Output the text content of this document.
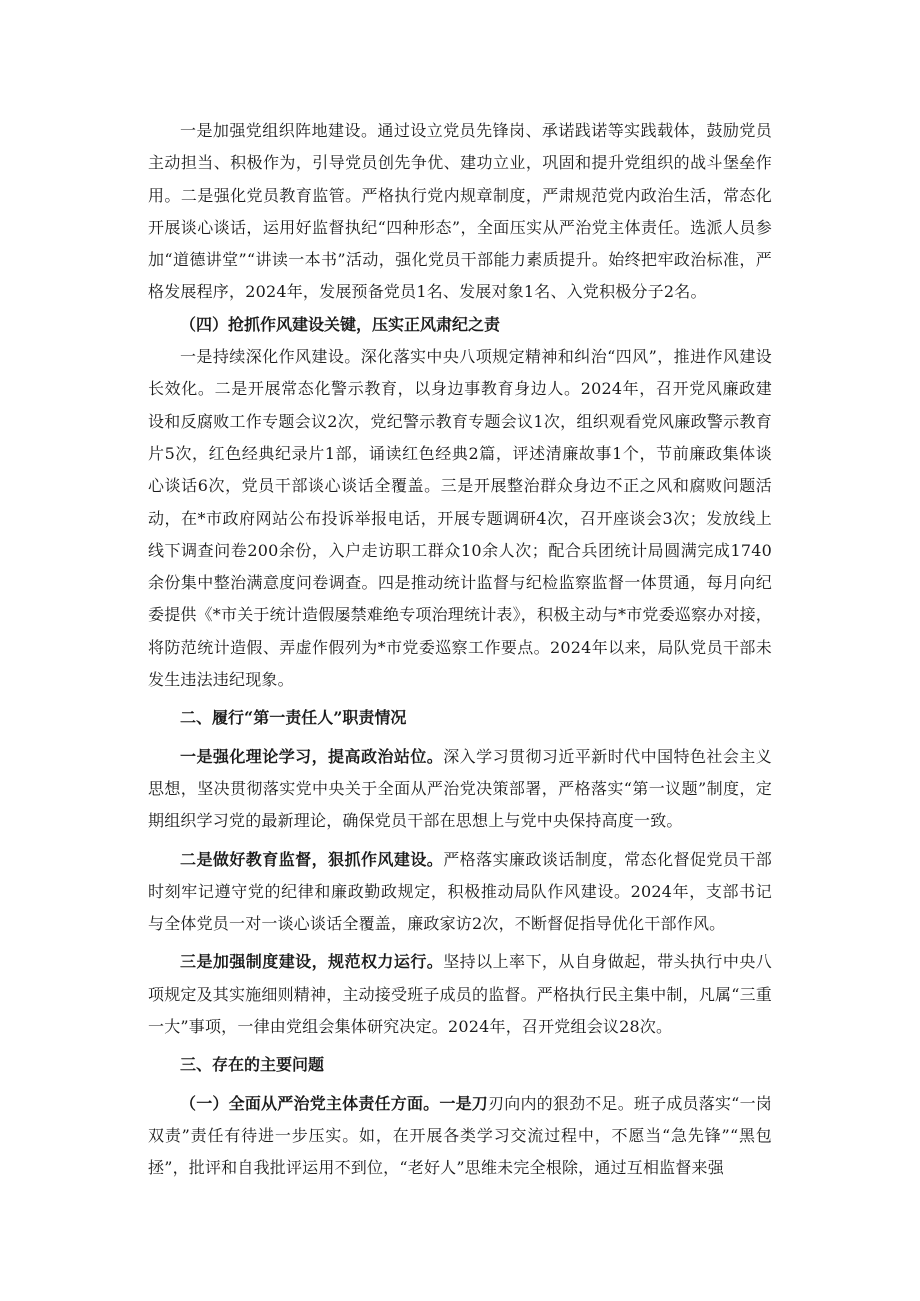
一是加强党组织阵地建设。通过设立党员先锋岗、承诺践诺等实践载体，鼓励党员主动担当、积极作为，引导党员创先争优、建功立业，巩固和提升党组织的战斗堡垒作用。二是强化党员教育监管。严格执行党内规章制度，严肃规范党内政治生活，常态化开展谈心谈话，运用好监督执纪“四种形态”，全面压实从严治党主体责任。选派人员参加“道德讲堂”“讲读一本书”活动，强化党员干部能力素质提升。始终把牢政治标准，严格发展程序，2024年，发展预备党员1名、发展对象1名、入党积极分子2名。

（四）抢抓作风建设关键，压实正风肃纪之责

一是持续深化作风建设。深化落实中央八项规定精神和纠治“四风”，推进作风建设长效化。二是开展常态化警示教育，以身边事教育身边人。2024年，召开党风廉政建设和反腐败工作专题会议2次，党纪警示教育专题会议1次，组织观看党风廉政警示教育片5次，红色经典纪录片1部，诵读红色经典2篇，评述清廉故事1个，节前廉政集体谈心谈话6次，党员干部谈心谈话全覆盖。三是开展整治群众身边不正之风和腐败问题活动，在*市政府网站公布投诉举报电话，开展专题调研4次，召开座谈会3次；发放线上线下调查问卷200余份，入户走访职工群众10余人次；配合兵团统计局圆满完成1740余份集中整治满意度问卷调查。四是推动统计监督与纪检监察监督一体贯通，每月向纪委提供《*市关于统计造假屡禁难绝专项治理统计表》，积极主动与*市党委巡察办对接，将防范统计造假、弄虚作假列为*市党委巡察工作要点。2024年以来，局队党员干部未发生违法违纪现象。

二、履行“第一责任人”职责情况

一是强化理论学习，提高政治站位。深入学习贯彻习近平新时代中国特色社会主义思想，坚决贯彻落实党中央关于全面从严治党决策部署，严格落实“第一议题”制度，定期组织学习党的最新理论，确保党员干部在思想上与党中央保持高度一致。

二是做好教育监督，狠抓作风建设。严格落实廉政谈话制度，常态化督促党员干部时刻牢记遵守党的纪律和廉政勤政规定，积极推动局队作风建设。2024年，支部书记与全体党员一对一谈心谈话全覆盖，廉政家访2次，不断督促指导优化干部作风。

三是加强制度建设，规范权力运行。坚持以上率下，从自身做起，带头执行中央八项规定及其实施细则精神，主动接受班子成员的监督。严格执行民主集中制，凡属“三重一大”事项，一律由党组会集体研究决定。2024年，召开党组会议28次。

三、存在的主要问题

（一）全面从严治党主体责任方面。一是刀刃向内的狠劲不足。班子成员落实“一岗双责”责任有待进一步压实。如，在开展各类学习交流过程中，不愿当“急先锋”“黑包拯”，批评和自我批评运用不到位，“老好人”思维未完全根除，通过互相监督来强
